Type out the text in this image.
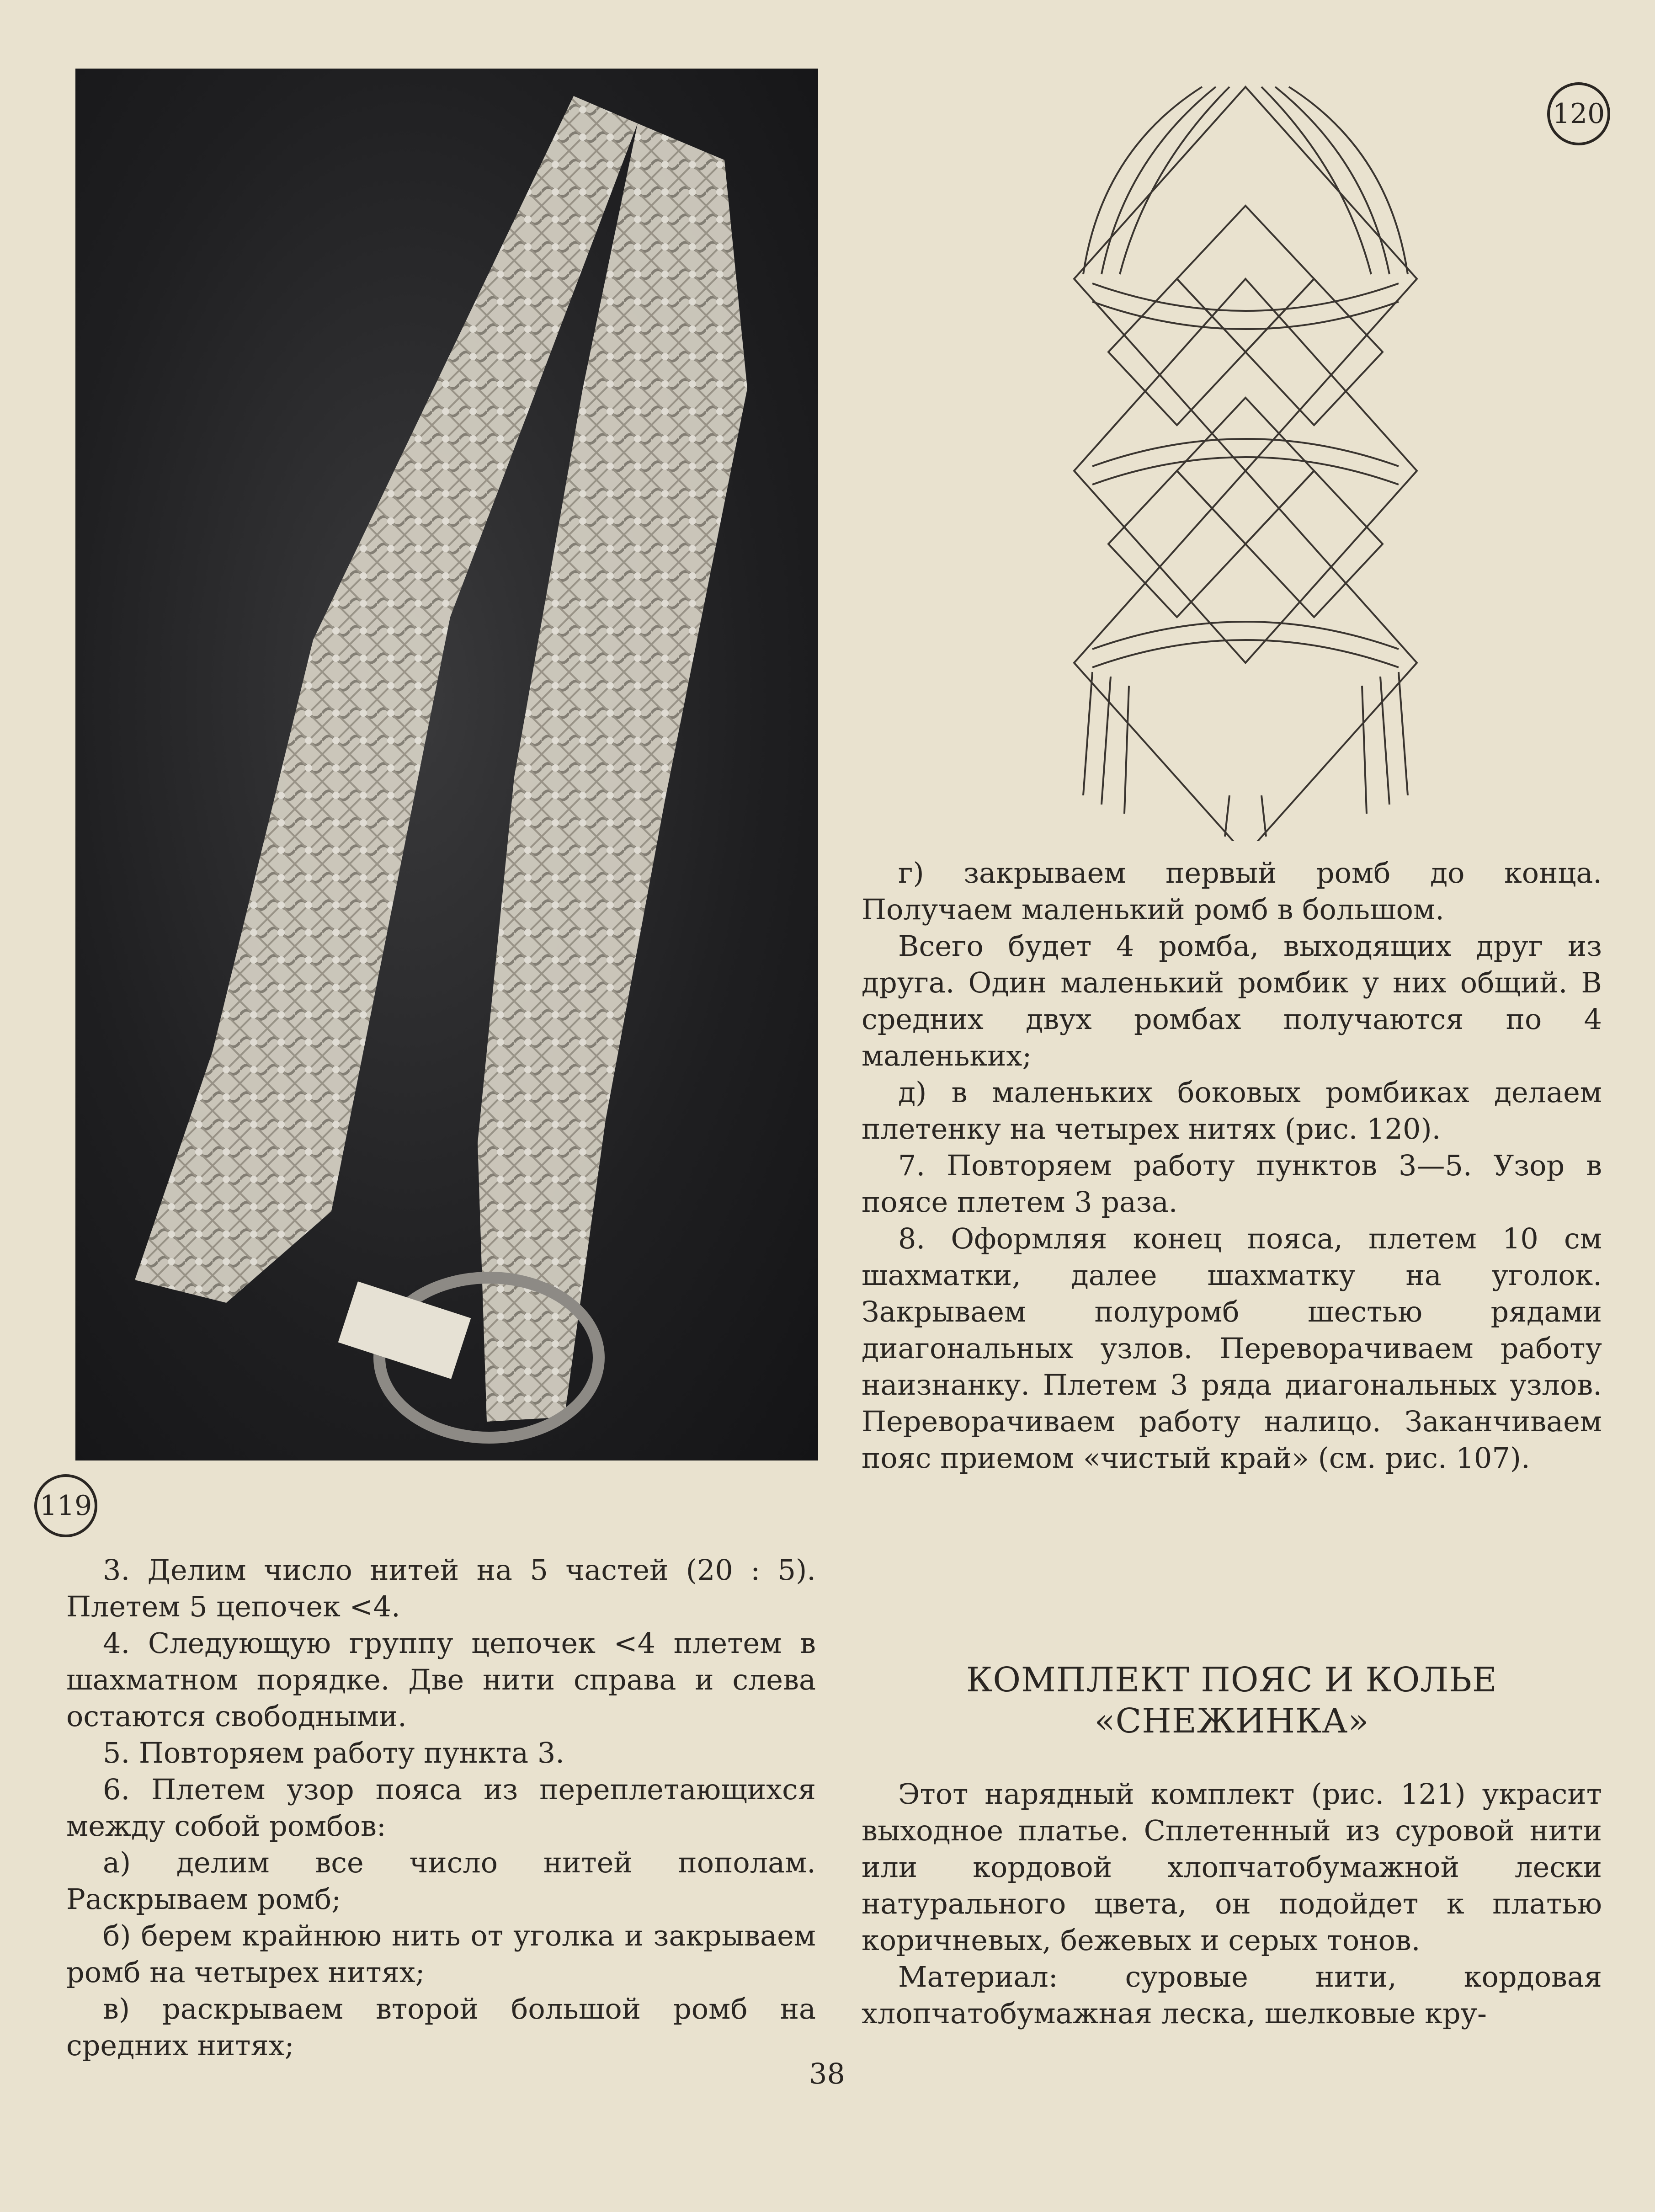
119
120

3. Делим число нитей на 5 частей (20 : 5). Плетем 5 цепочек <4.

4. Следующую группу цепочек <4 плетем в шахматном порядке. Две нити справа и слева остаются свободными.

5. Повторяем работу пункта 3.

6. Плетем узор пояса из переплетающихся между собой ромбов:

а) делим все число нитей пополам. Раскрываем ромб;

б) берем крайнюю нить от уголка и закрываем ромб на четырех нитях;

в) раскрываем второй большой ромб на средних нитях;

г) закрываем первый ромб до конца. Получаем маленький ромб в большом.

Всего будет 4 ромба, выходящих друг из друга. Один маленький ромбик у них общий. В средних двух ромбах получаются по 4 маленьких;

д) в маленьких боковых ромбиках делаем плетенку на четырех нитях (рис. 120).

7. Повторяем работу пунктов 3—5. Узор в поясе плетем 3 раза.

8. Оформляя конец пояса, плетем 10 см шахматки, далее шахматку на уголок. Закрываем полуромб шестью рядами диагональных узлов. Переворачиваем работу наизнанку. Плетем 3 ряда диагональных узлов. Переворачиваем работу налицо. Заканчиваем пояс приемом «чистый край» (см. рис. 107).

КОМПЛЕКТ ПОЯС И КОЛЬЕ
«СНЕЖИНКА»

Этот нарядный комплект (рис. 121) украсит выходное платье. Сплетенный из суровой нити или кордовой хлопчатобумажной лески натурального цвета, он подойдет к платью коричневых, бежевых и серых тонов.

Материал: суровые нити, кордовая хлопчатобумажная леска, шелковые кру-

38
